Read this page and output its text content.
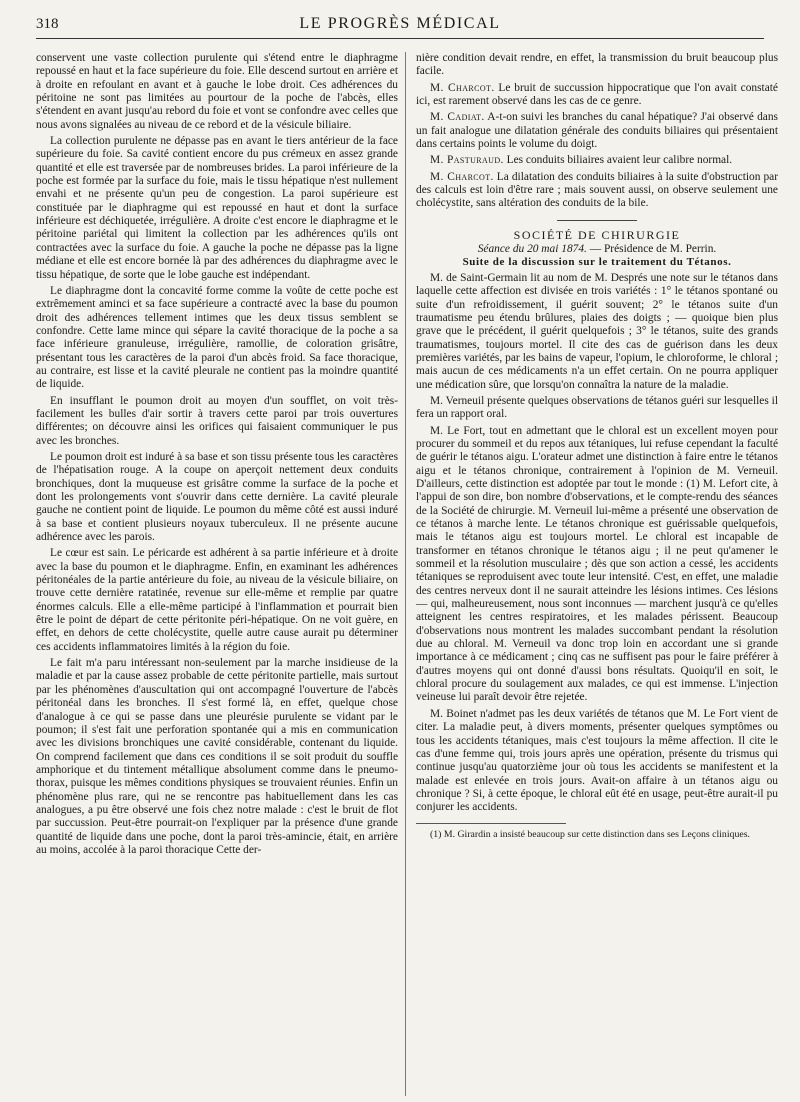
318	LE PROGRÈS MÉDICAL

conservent une vaste collection purulente qui s'étend entre le diaphragme repoussé en haut et la face supérieure du foie. Elle descend surtout en arrière et à droite en refoulant en avant et à gauche le lobe droit. Ces adhérences du péritoine ne sont pas limitées au pourtour de la poche de l'abcès, elles s'étendent en avant jusqu'au rebord du foie et vont se confondre avec celles que nous avons signalées au niveau de ce rebord et de la vésicule biliaire.

La collection purulente ne dépasse pas en avant le tiers antérieur de la face supérieure du foie. Sa cavité contient encore du pus crémeux en assez grande quantité et elle est traversée par de nombreuses brides. La paroi inférieure de la poche est formée par la surface du foie, mais le tissu hépatique n'est nullement envahi et ne présente qu'un peu de congestion. La paroi supérieure est constituée par le diaphragme qui est repoussé en haut et dont la surface inférieure est déchiquetée, irrégulière. A droite c'est encore le diaphragme et le péritoine pariétal qui limitent la collection par les adhérences qu'ils ont contractées avec la surface du foie. A gauche la poche ne dépasse pas la ligne médiane et elle est encore bornée là par des adhérences du diaphragme avec le tissu hépatique, de sorte que le lobe gauche est indépendant.

Le diaphragme dont la concavité forme comme la voûte de cette poche est extrêmement aminci et sa face supérieure a contracté avec la base du poumon droit des adhérences tellement intimes que les deux tissus semblent se confondre. Cette lame mince qui sépare la cavité thoracique de la poche a sa face inférieure granuleuse, irrégulière, ramollie, de coloration grisâtre, présentant tous les caractères de la paroi d'un abcès froid. Sa face thoracique, au contraire, est lisse et la cavité pleurale ne contient pas la moindre quantité de liquide.

En insufflant le poumon droit au moyen d'un soufflet, on voit très-facilement les bulles d'air sortir à travers cette paroi par trois ouvertures différentes; on découvre ainsi les orifices qui faisaient communiquer le pus avec les bronches.

Le poumon droit est induré à sa base et son tissu présente tous les caractères de l'hépatisation rouge. A la coupe on aperçoit nettement deux conduits bronchiques, dont la muqueuse est grisâtre comme la surface de la poche et dont les prolongements vont s'ouvrir dans cette dernière. La cavité pleurale gauche ne contient point de liquide. Le poumon du même côté est aussi induré à sa base et contient plusieurs noyaux tuberculeux. Il ne présente aucune adhérence avec les parois.

Le cœur est sain. Le péricarde est adhérent à sa partie inférieure et à droite avec la base du poumon et le diaphragme. Enfin, en examinant les adhérences péritonéales de la partie antérieure du foie, au niveau de la vésicule biliaire, on trouve cette dernière ratatinée, revenue sur elle-même et remplie par quatre énormes calculs. Elle a elle-même participé à l'inflammation et pourrait bien être le point de départ de cette péritonite péri-hépatique. On ne voit guère, en effet, en dehors de cette cholécystite, quelle autre cause aurait pu déterminer ces accidents inflammatoires limités à la région du foie.

Le fait m'a paru intéressant non-seulement par la marche insidieuse de la maladie et par la cause assez probable de cette péritonite partielle, mais surtout par les phénomènes d'auscultation qui ont accompagné l'ouverture de l'abcès péritonéal dans les bronches. Il s'est formé là, en effet, quelque chose d'analogue à ce qui se passe dans une pleurésie purulente se vidant par le poumon; il s'est fait une perforation spontanée qui a mis en communication avec les divisions bronchiques une cavité considérable, contenant du liquide. On comprend facilement que dans ces conditions il se soit produit du souffle amphorique et du tintement métallique absolument comme dans le pneumo-thorax, puisque les mêmes conditions physiques se trouvaient réunies. Enfin un phénomène plus rare, qui ne se rencontre pas habituellement dans les cas analogues, a pu être observé une fois chez notre malade : c'est le bruit de flot par succussion. Peut-être pourrait-on l'expliquer par la présence d'une grande quantité de liquide dans une poche, dont la paroi très-amincie, était, en arrière au moins, accolée à la paroi thoracique Cette der-

nière condition devait rendre, en effet, la transmission du bruit beaucoup plus facile.

M. Charcot. Le bruit de succussion hippocratique que l'on avait constaté ici, est rarement observé dans les cas de ce genre.

M. Cadiat. A-t-on suivi les branches du canal hépatique? J'ai observé dans un fait analogue une dilatation générale des conduits biliaires qui présentaient dans certains points le volume du doigt.

M. Pasturaud. Les conduits biliaires avaient leur calibre normal.

M. Charcot. La dilatation des conduits biliaires à la suite d'obstruction par des calculs est loin d'être rare ; mais souvent aussi, on observe seulement une cholécystite, sans altération des conduits de la bile.

SOCIÉTÉ DE CHIRURGIE
Séance du 20 mai 1874. — Présidence de M. Perrin.
Suite de la discussion sur le traitement du Tétanos.

M. de Saint-Germain lit au nom de M. Després une note sur le tétanos dans laquelle cette affection est divisée en trois variétés : 1° le tétanos spontané ou suite d'un refroidissement, il guérit souvent; 2° le tétanos suite d'un traumatisme peu étendu brûlures, plaies des doigts ; — quoique bien plus grave que le précédent, il guérit quelquefois ; 3° le tétanos, suite des grands traumatismes, toujours mortel. Il cite des cas de guérison dans les deux premières variétés, par les bains de vapeur, l'opium, le chloroforme, le chloral ; mais aucun de ces médicaments n'a un effet certain. On ne pourra appliquer une médication sûre, que lorsqu'on connaîtra la nature de la maladie.

M. Verneuil présente quelques observations de tétanos guéri sur lesquelles il fera un rapport oral.

M. Le Fort, tout en admettant que le chloral est un excellent moyen pour procurer du sommeil et du repos aux tétaniques, lui refuse cependant la faculté de guérir le tétanos aigu. L'orateur admet une distinction à faire entre le tétanos aigu et le tétanos chronique, contrairement à l'opinion de M. Verneuil. D'ailleurs, cette distinction est adoptée par tout le monde : (1) M. Lefort cite, à l'appui de son dire, bon nombre d'observations, et le compte-rendu des séances de la Société de chirurgie. M. Verneuil lui-même a présenté une observation de ce tétanos à marche lente. Le tétanos chronique est guérissable quelquefois, mais le tétanos aigu est toujours mortel. Le chloral est incapable de transformer en tétanos chronique le tétanos aigu ; il ne peut qu'amener le sommeil et la résolution musculaire ; dès que son action a cessé, les accidents tétaniques se reproduisent avec toute leur intensité. C'est, en effet, une maladie des centres nerveux dont il ne saurait atteindre les lésions intimes. Ces lésions — qui, malheureusement, nous sont inconnues — marchent jusqu'à ce qu'elles atteignent les centres respiratoires, et les malades périssent. Beaucoup d'observations nous montrent les malades succombant pendant la résolution due au chloral. M. Verneuil va donc trop loin en accordant une si grande importance à ce médicament ; cinq cas ne suffisent pas pour le faire préférer à d'autres moyens qui ont donné d'aussi bons résultats. Quoiqu'il en soit, le chloral procure du soulagement aux malades, ce qui est immense. L'injection veineuse lui paraît devoir être rejetée.

M. Boinet n'admet pas les deux variétés de tétanos que M. Le Fort vient de citer. La maladie peut, à divers moments, présenter quelques symptômes ou tous les accidents tétaniques, mais c'est toujours la même affection. Il cite le cas d'une femme qui, trois jours après une opération, présente du trismus qui continue jusqu'au quatorzième jour où tous les accidents se manifestent et la malade est enlevée en trois jours. Avait-on affaire à un tétanos aigu ou chronique ? Si, à cette époque, le chloral eût été en usage, peut-être aurait-il pu conjurer les accidents.

(1) M. Girardin a insisté beaucoup sur cette distinction dans ses Leçons cliniques.
